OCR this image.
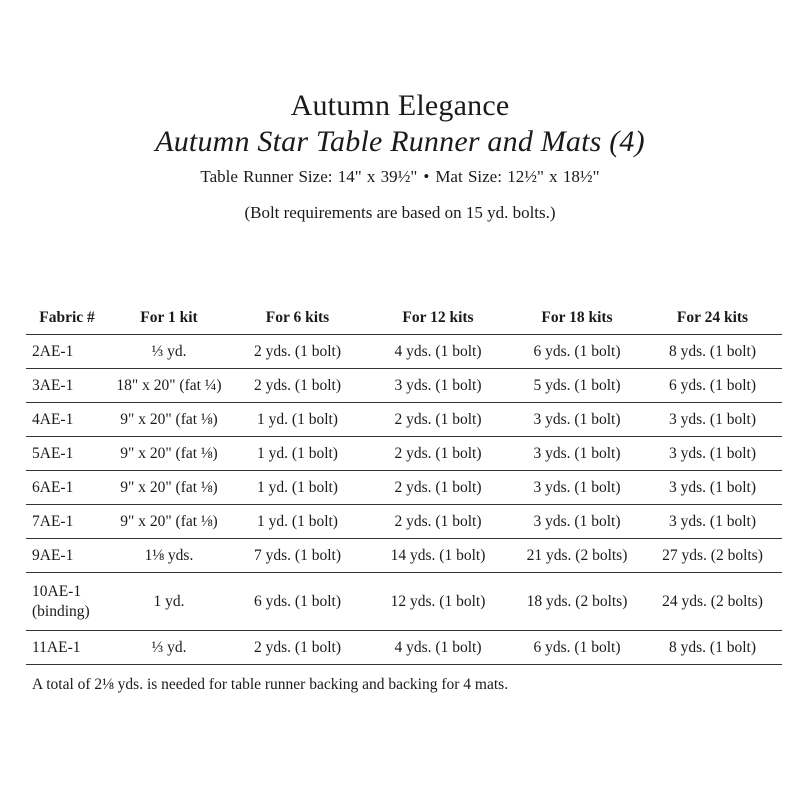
Autumn Elegance
Autumn Star Table Runner and Mats (4)
Table Runner Size: 14" x 39½" • Mat Size: 12½" x 18½"
(Bolt requirements are based on 15 yd. bolts.)
Fabric #	For 1 kit	For 6 kits	For 12 kits	For 18 kits	For 24 kits
2AE-1	⅓ yd.	2 yds. (1 bolt)	4 yds. (1 bolt)	6 yds. (1 bolt)	8 yds. (1 bolt)
3AE-1	18" x 20" (fat ¼)	2 yds. (1 bolt)	3 yds. (1 bolt)	5 yds. (1 bolt)	6 yds. (1 bolt)
4AE-1	9" x 20" (fat ⅛)	1 yd. (1 bolt)	2 yds. (1 bolt)	3 yds. (1 bolt)	3 yds. (1 bolt)
5AE-1	9" x 20" (fat ⅛)	1 yd. (1 bolt)	2 yds. (1 bolt)	3 yds. (1 bolt)	3 yds. (1 bolt)
6AE-1	9" x 20" (fat ⅛)	1 yd. (1 bolt)	2 yds. (1 bolt)	3 yds. (1 bolt)	3 yds. (1 bolt)
7AE-1	9" x 20" (fat ⅛)	1 yd. (1 bolt)	2 yds. (1 bolt)	3 yds. (1 bolt)	3 yds. (1 bolt)
9AE-1	1⅛ yds.	7 yds. (1 bolt)	14 yds. (1 bolt)	21 yds. (2 bolts)	27 yds. (2 bolts)
10AE-1
(binding)	1 yd.	6 yds. (1 bolt)	12 yds. (1 bolt)	18 yds. (2 bolts)	24 yds. (2 bolts)
11AE-1	⅓ yd.	2 yds. (1 bolt)	4 yds. (1 bolt)	6 yds. (1 bolt)	8 yds. (1 bolt)
A total of 2⅛ yds. is needed for table runner backing and backing for 4 mats.
